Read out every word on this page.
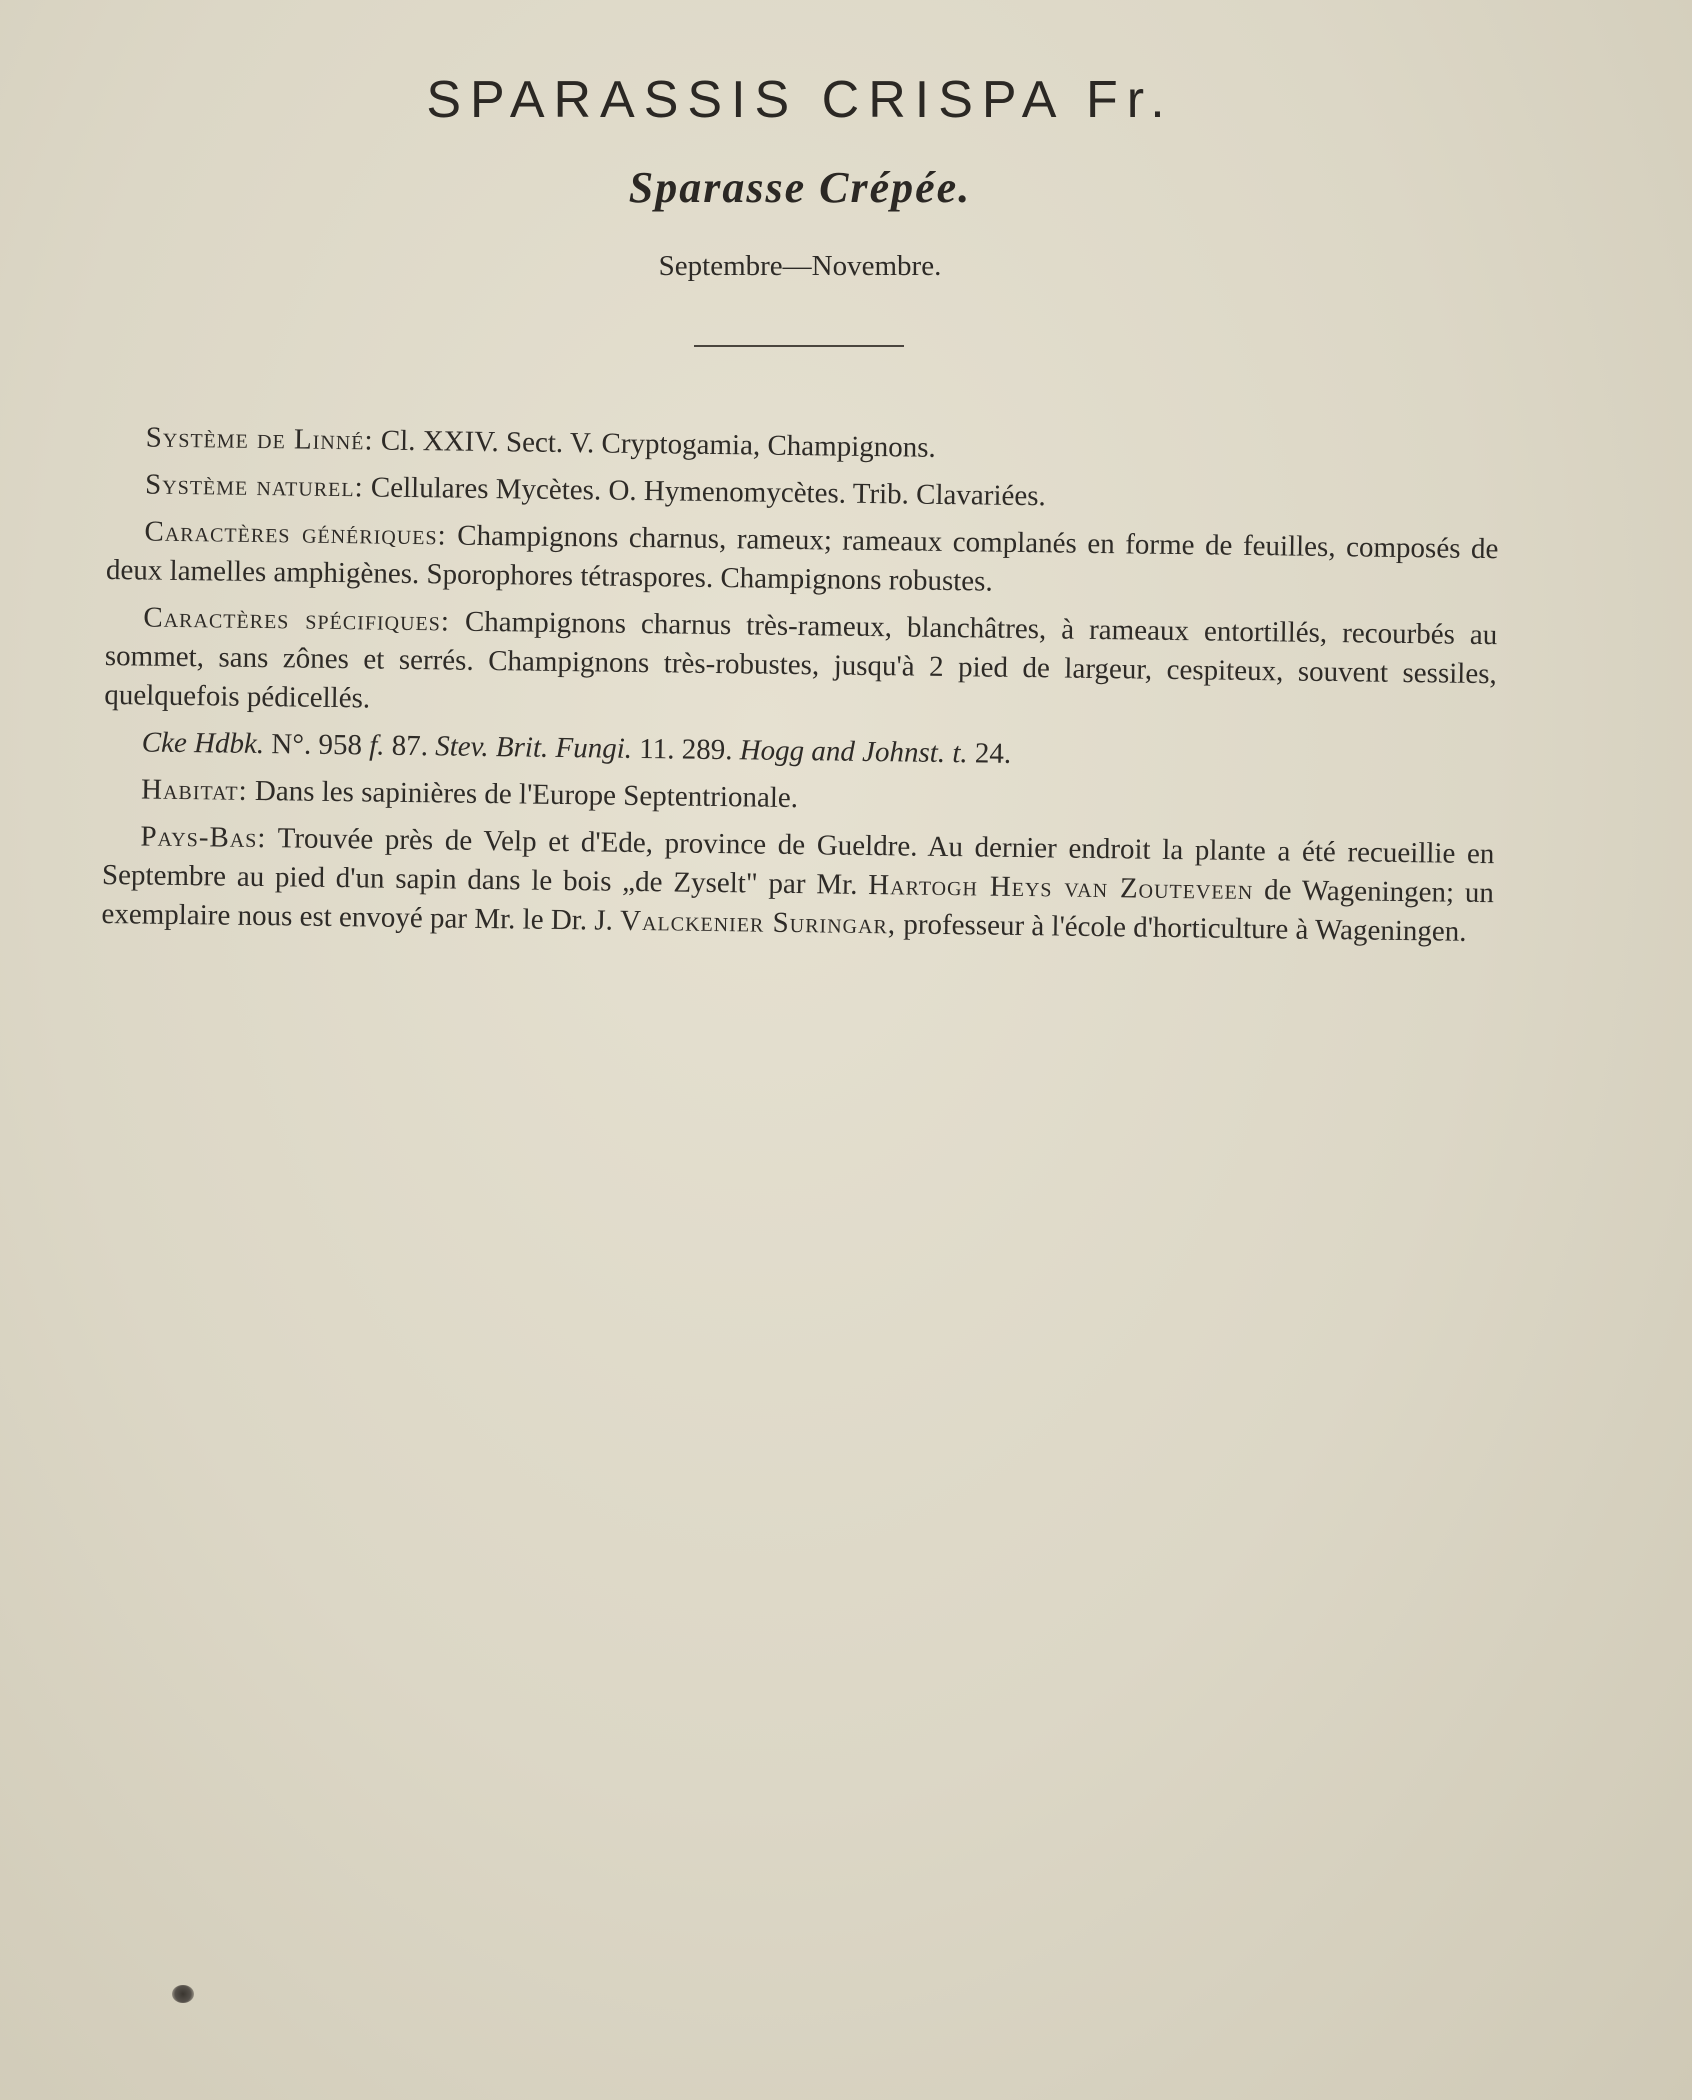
SPARASSIS CRISPA Fr.
Sparasse Crépée.
Septembre—Novembre.

Système de Linné: Cl. XXIV. Sect. V. Cryptogamia, Champignons.

Système naturel: Cellulares Mycètes. O. Hymenomycètes. Trib. Clavariées.

Caractères génériques: Champignons charnus, rameux; rameaux complanés en forme de feuilles, composés de deux lamelles amphigènes. Sporophores tétraspores. Champignons robustes.

Caractères spécifiques: Champignons charnus très-rameux, blanchâtres, à rameaux entortillés, recourbés au sommet, sans zônes et serrés. Champignons très-robustes, jusqu'à 2 pied de largeur, cespiteux, souvent sessiles, quelquefois pédicellés.

Cke Hdbk. N°. 958 f. 87. Stev. Brit. Fungi. 11. 289. Hogg and Johnst. t. 24.

Habitat: Dans les sapinières de l'Europe Septentrionale.

Pays-Bas: Trouvée près de Velp et d'Ede, province de Gueldre. Au dernier endroit la plante a été recueillie en Septembre au pied d'un sapin dans le bois „de Zyselt" par Mr. Hartogh Heys van Zouteveen de Wageningen; un exemplaire nous est envoyé par Mr. le Dr. J. Valckenier Suringar, professeur à l'école d'horticulture à Wageningen.
